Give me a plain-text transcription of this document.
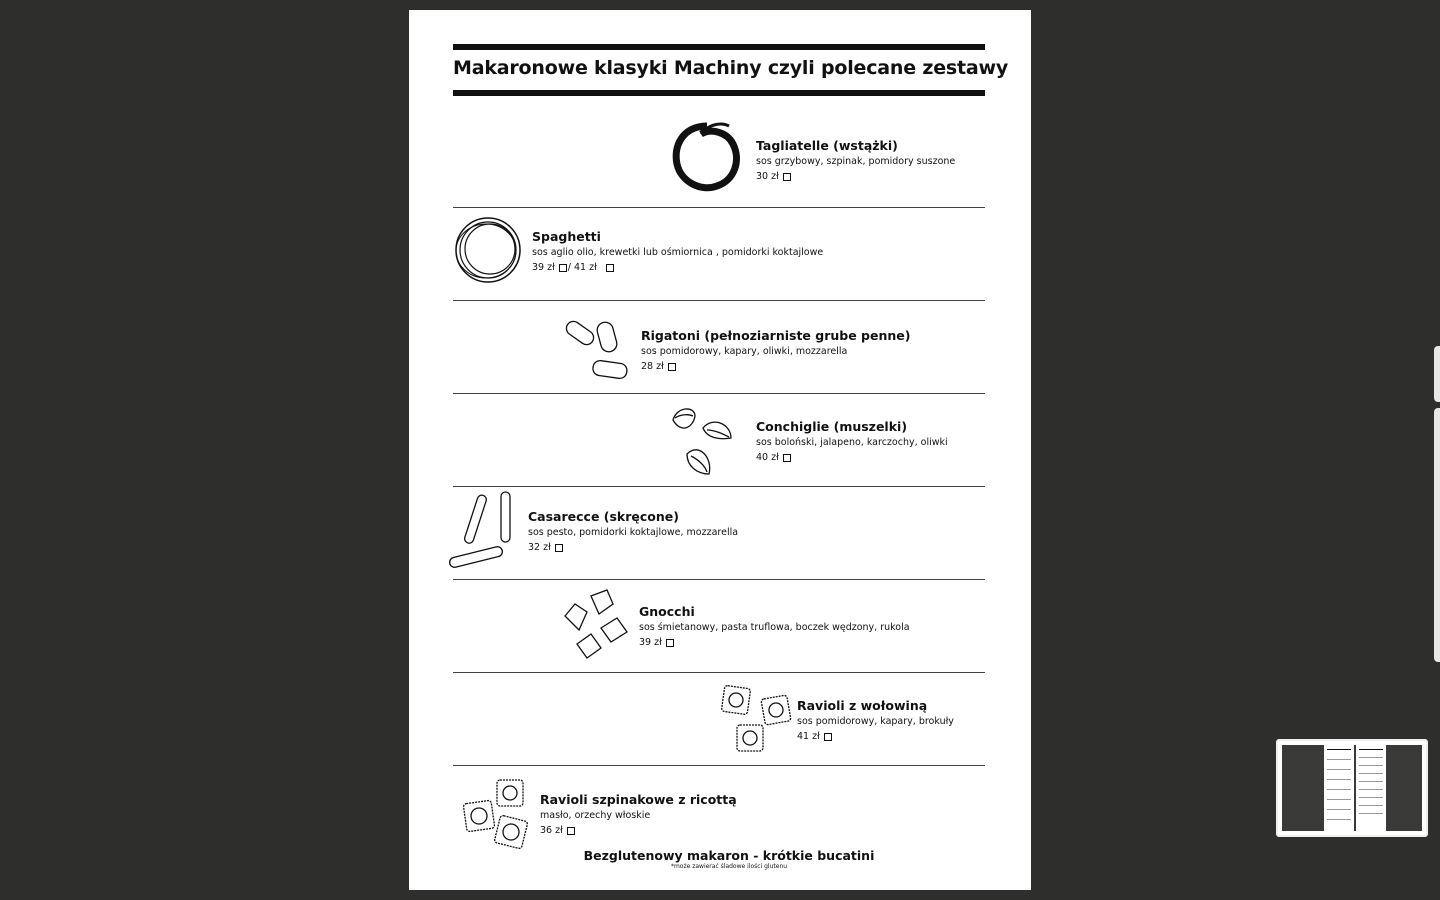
Makaronowe klasyki Machiny czyli polecane zestawy
Tagliatelle (wstążki)
sos grzybowy, szpinak, pomidory suszone
30 zł
Spaghetti
sos aglio olio, krewetki lub ośmiornica , pomidorki koktajlowe
39 zł / 41 zł
Rigatoni (pełnoziarniste grube penne)
sos pomidorowy, kapary, oliwki, mozzarella
28 zł
Conchiglie (muszelki)
sos boloński, jalapeno, karczochy, oliwki
40 zł
Casarecce (skręcone)
sos pesto, pomidorki koktajlowe, mozzarella
32 zł
Gnocchi
sos śmietanowy, pasta truflowa, boczek wędzony, rukola
39 zł
Ravioli z wołowiną
sos pomidorowy, kapary, brokuły
41 zł
Ravioli szpinakowe z ricottą
masło, orzechy włoskie
36 zł
Bezglutenowy makaron - krótkie bucatini
*może zawierać śladowe ilości glutenu
